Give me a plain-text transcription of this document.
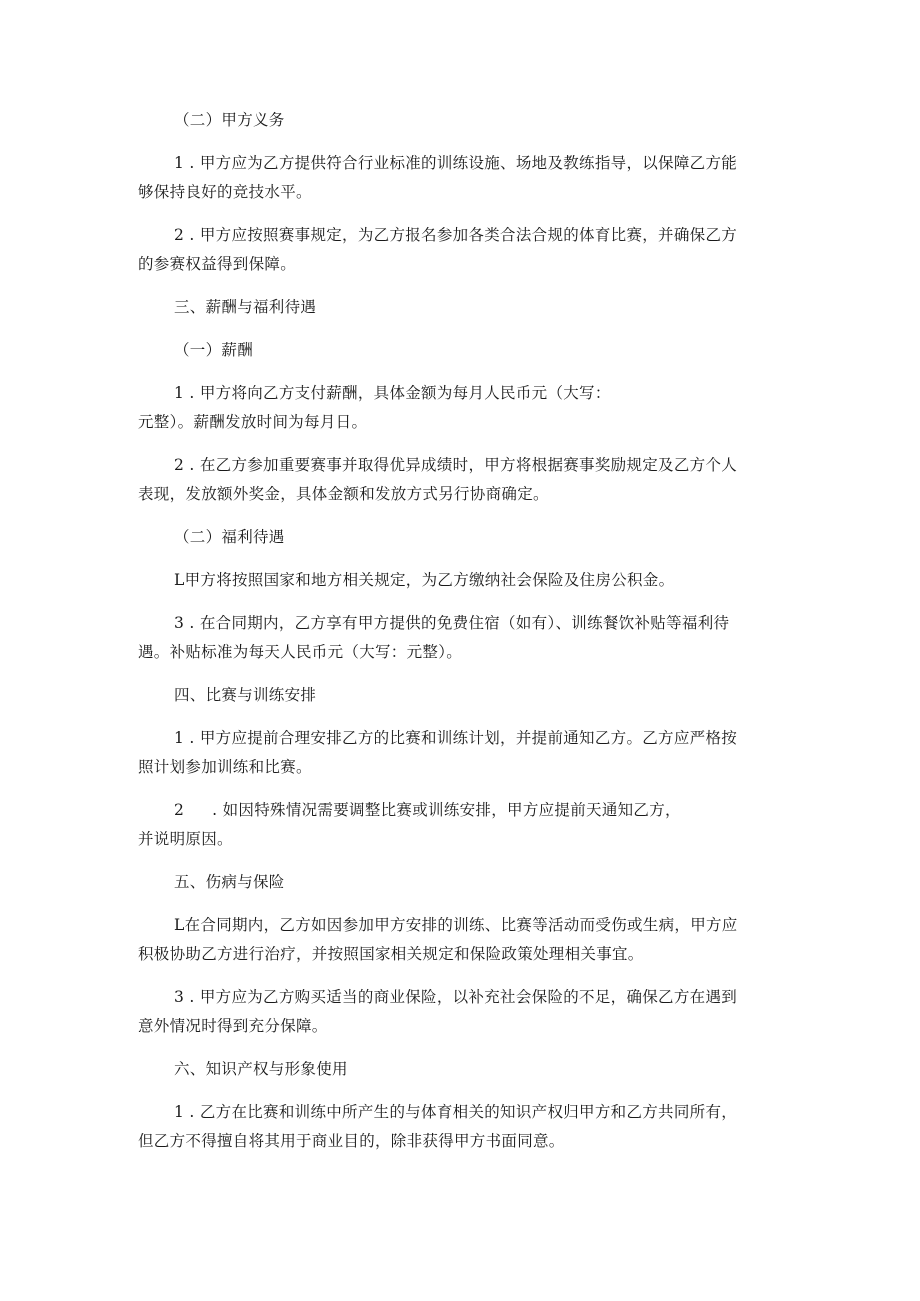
（二）甲方义务
1 . 甲方应为乙方提供符合行业标准的训练设施、场地及教练指导，以保障乙方能
够保持良好的竞技水平。
2 . 甲方应按照赛事规定，为乙方报名参加各类合法合规的体育比赛，并确保乙方
的参赛权益得到保障。
三、薪酬与福利待遇
（一）薪酬
1 . 甲方将向乙方支付薪酬，具体金额为每月人民币元（大写：
元整）。薪酬发放时间为每月日。
2 . 在乙方参加重要赛事并取得优异成绩时，甲方将根据赛事奖励规定及乙方个人
表现，发放额外奖金，具体金额和发放方式另行协商确定。
（二）福利待遇
L甲方将按照国家和地方相关规定，为乙方缴纳社会保险及住房公积金。
3 . 在合同期内，乙方享有甲方提供的免费住宿（如有）、训练餐饮补贴等福利待
遇。补贴标准为每天人民币元（大写：元整）。
四、比赛与训练安排
1 . 甲方应提前合理安排乙方的比赛和训练计划，并提前通知乙方。乙方应严格按
照计划参加训练和比赛。
2 . 如因特殊情况需要调整比赛或训练安排，甲方应提前天通知乙方，
并说明原因。
五、伤病与保险
L在合同期内，乙方如因参加甲方安排的训练、比赛等活动而受伤或生病，甲方应
积极协助乙方进行治疗，并按照国家相关规定和保险政策处理相关事宜。
3 . 甲方应为乙方购买适当的商业保险，以补充社会保险的不足，确保乙方在遇到
意外情况时得到充分保障。
六、知识产权与形象使用
1 . 乙方在比赛和训练中所产生的与体育相关的知识产权归甲方和乙方共同所有，
但乙方不得擅自将其用于商业目的，除非获得甲方书面同意。
